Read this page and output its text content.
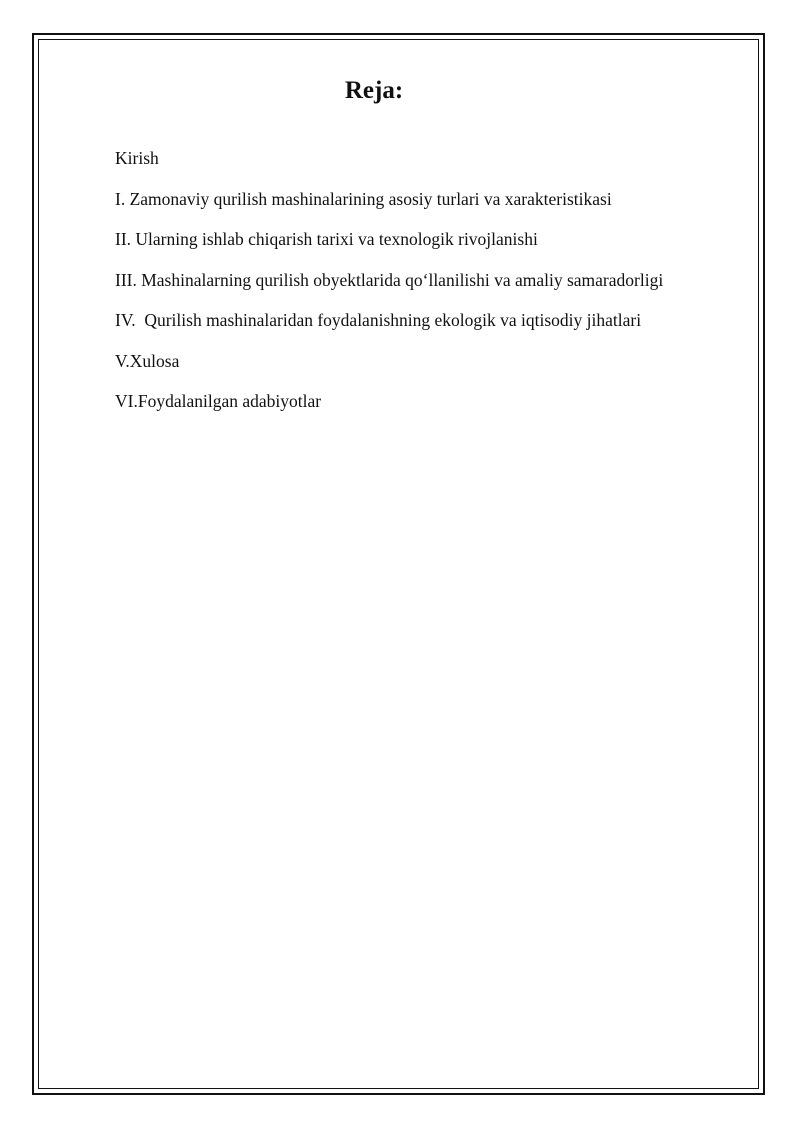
Reja:
Kirish
I. Zamonaviy qurilish mashinalarining asosiy turlari va xarakteristikasi
II. Ularning ishlab chiqarish tarixi va texnologik rivojlanishi
III. Mashinalarning qurilish obyektlarida qo‘llanilishi va amaliy samaradorligi
IV.  Qurilish mashinalaridan foydalanishning ekologik va iqtisodiy jihatlari
V.Xulosa
VI.Foydalanilgan adabiyotlar
